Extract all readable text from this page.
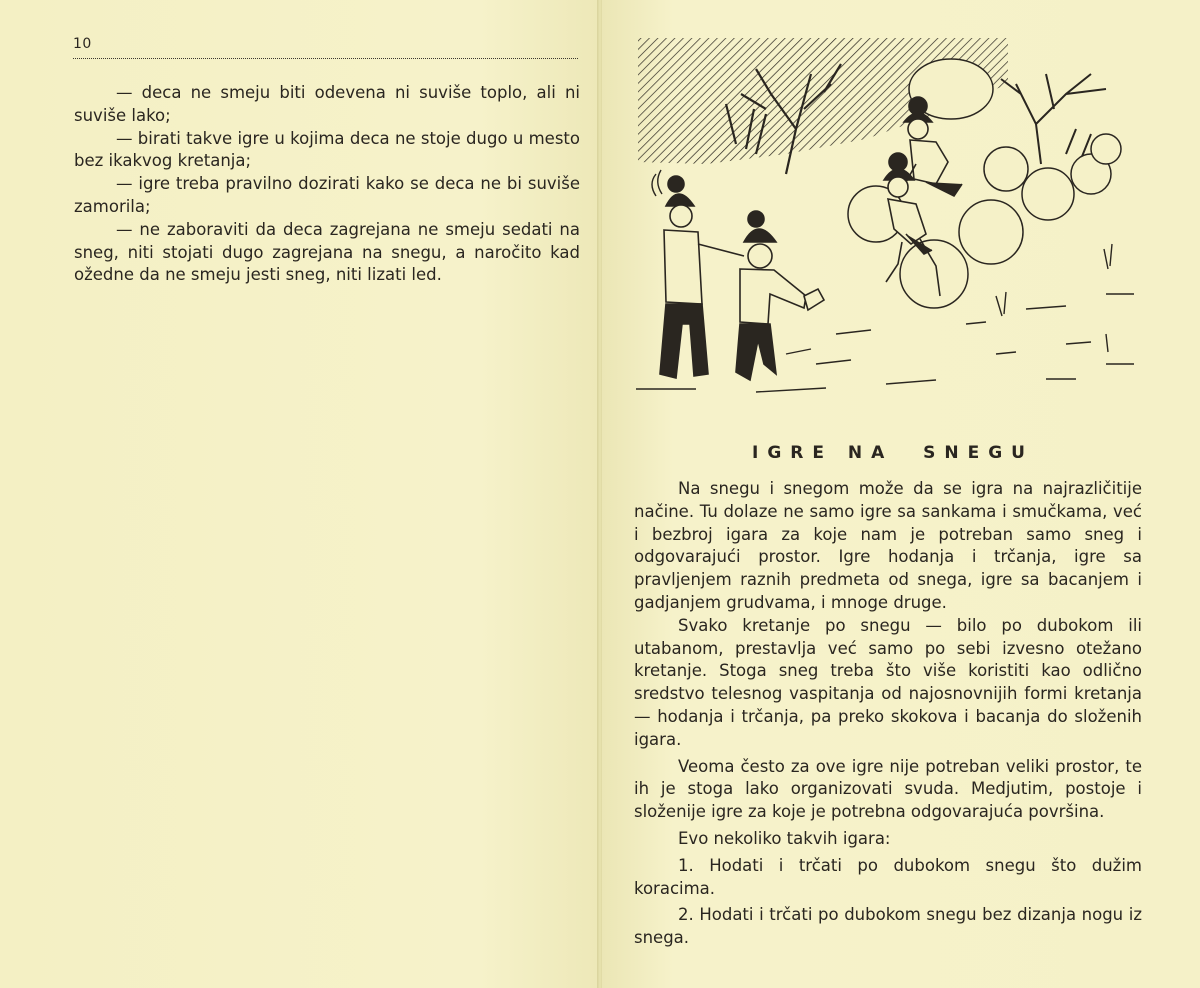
10

— deca ne smeju biti odevena ni suviše toplo, ali ni suviše lako;

— birati takve igre u kojima deca ne stoje dugo u mesto bez ikakvog kretanja;

— igre treba pravilno dozirati kako se deca ne bi suviše zamorila;

— ne zaboraviti da deca zagrejana ne smeju sedati na sneg, niti stojati dugo zagrejana na snegu, a naročito kad ožedne da ne smeju jesti sneg, niti lizati led.

IGRE NA  SNEGU

Na snegu i snegom može da se igra na najrazličitije načine. Tu dolaze ne samo igre sa sankama i smučkama, već i bezbroj igara za koje nam je potreban samo sneg i odgovarajući prostor. Igre hodanja i trčanja, igre sa pravljenjem raznih predmeta od snega, igre sa bacanjem i gadjanjem grudvama, i mnoge druge.

Svako kretanje po snegu — bilo po dubokom ili utabanom, prestavlja već samo po sebi izvesno otežano kretanje. Stoga sneg treba što više koristiti kao odlično sredstvo telesnog vaspitanja od najosnovnijih formi kretanja — hodanja i trčanja, pa preko skokova i bacanja do složenih igara.

Veoma često za ove igre nije potreban veliki prostor, te ih je stoga lako organizovati svuda. Medjutim, postoje i složenije igre za koje je potrebna odgovarajuća površina.

Evo nekoliko takvih igara:

1. Hodati i trčati po dubokom snegu što dužim koracima.

2. Hodati i trčati po dubokom snegu bez dizanja nogu iz snega.
